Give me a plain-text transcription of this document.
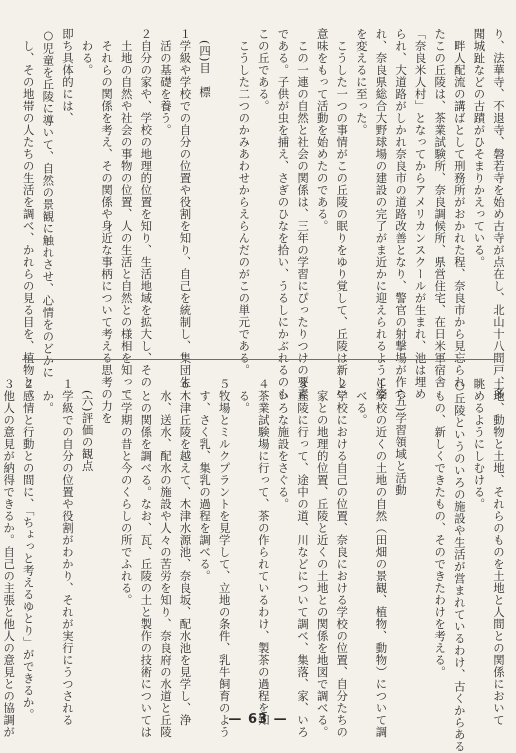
り、法華寺、不退寺、磐若寺を始め古寺が点在し、北山十八間戸、多
聞城趾などの古蹟がひそまりかえっている。
　畔人配流の講ばとして刑務所がおかれた程、奈良市から見忘られ
たこの丘陵は、茶業試験所、奈良調候所、県営住宅、在日米軍宿舎
「奈良米人村」となってからアメリカンスクールが生まれ、池は埋め
られ、大道路がしかれ奈良市の道路改善となり、警官の射撃場が作ら
れ、奈良県総合大野球場の建設の完了がま近かに迎えられるように姿
を変えるに至った。
　こうした一つの事情がこの丘陵の眠りをゆり覚して、丘陵は新しい
意味をもって活動を始めたのである。
　この一連の自然と社会の関係は、三年の学習にぴったりつけの要素
である。子供が虫を捕え、さぎのひなを拾い、うるしにかぶれるのも
この丘である。
　こうした二つのかみあわせからえらんだのがこの単元である。

　(四)目　標
１学級や学校での自分の位置や役割を知り、自己を統制し、集団生
　活の基礎を養う。
２自分の家や、学校の地理的位置を知り、生活地域を拡大し、その
　土地の自然や社会の事物の位置、人の生活と自然との様相を知って
　それらの関係を考え、その関係や身近な事柄について考える思考の力を
　わる。
即ち具体的には、
○児童を丘陵に導いて、自然の景観に触れさせ、心情をのどかに
　し、その地帯の人たちの生活を調べ、かれらの見る目を、植物と
土地、動物と土地、それらのものを土地と人間との関係において
眺めるようにしむける。
○丘陵というのいろの施設や生活が営まれているわけ、古くからある
　もの、新しくできたもの、そのできたわけを考える。

　(五)学習領域と活動
１学校の近くの土地の自然（田畑の景観、植物、動物）について調
　べる。
２学校における自己の位置、奈良における学校の位置、自分たちの
　家との地理的位置、丘陵と近くの土地との関係を地図で調べる。
３丘陵に行って、途中の道、川などについて調べ、集落、家、いろ
　いろな施設をさぐる。
４茶業試験場に行って、茶の作られているわけ、製茶の過程を知
　る。
５牧場とミルクプラントを見学して、立地の条件、乳牛飼育のよう
　す、さく乳、集乳の過程を調べる。
６木津丘陵を越えて、木津水源池、奈良坂、配水池を見学し、浄
　水、送水、配水の施設や人々の苦労を知り、奈良府の水道と丘陵
　との関係を調べる。なお、瓦、丘陵の土と製作の技術については
　二学期の昔と今のくらしの所でふれる。

　(六)評価の観点
１学級での自分の位置や役割がわかり、それが実行にうつされる
　か。
２感情と行動との間に、「ちょっと考えるゆとり」ができるか。
３他人の意見が納得できるか。自己の主張と他人の意見との協調が	— 63 —
